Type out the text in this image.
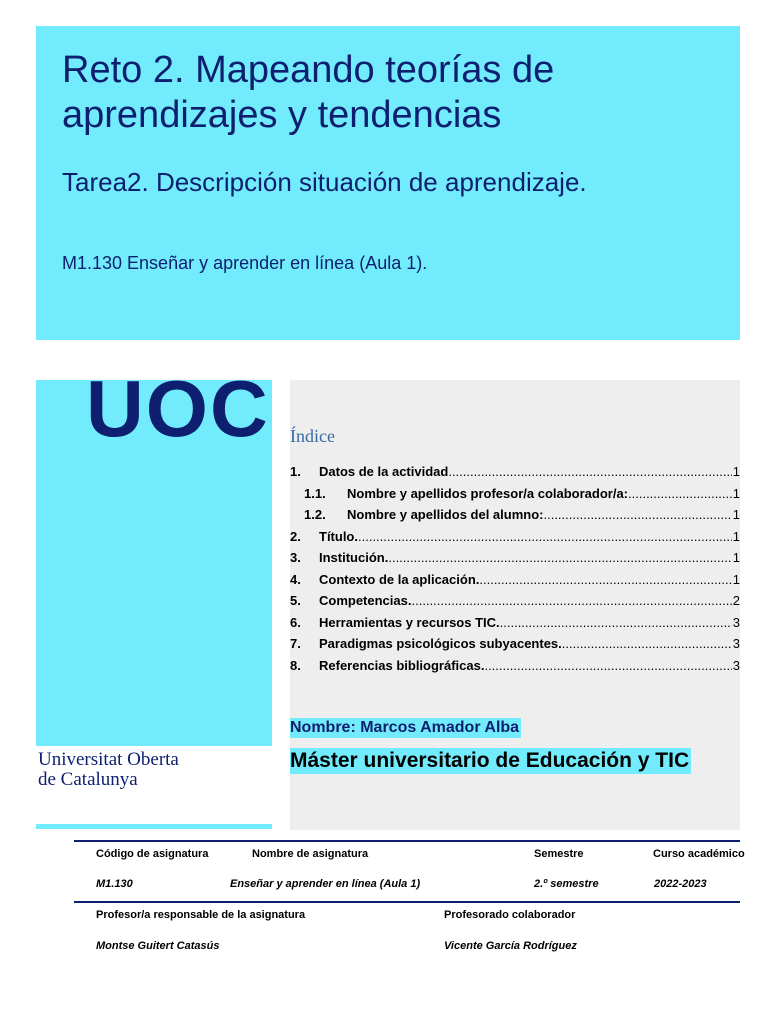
Reto 2. Mapeando teorías de aprendizajes y tendencias
Tarea2. Descripción situación de aprendizaje.

M1.130 Enseñar y aprender en línea (Aula 1).

UOC
Universitat Oberta
de Catalunya
Índice
1.	Datos de la actividad .....	1
1.1.	Nombre y apellidos profesor/a colaborador/a: .....	1
1.2.	Nombre y apellidos del alumno: .....	1
2.	Título. .....	1
3.	Institución. .....	1
4.	Contexto de la aplicación. .....	1
5.	Competencias. .....	2
6.	Herramientas y recursos TIC. .....	3
7.	Paradigmas psicológicos subyacentes. .....	3
8.	Referencias bibliográficas. .....	3
Nombre: Marcos Amador Alba
Máster universitario de Educación y TIC
Código de asignatura	Nombre de asignatura	Semestre	Curso académico
M1.130	Enseñar y aprender en línea (Aula 1)	2.º semestre	2022-2023
Profesor/a responsable de la asignatura	Profesorado colaborador
Montse Guitert Catasús	Vicente García Rodríguez
